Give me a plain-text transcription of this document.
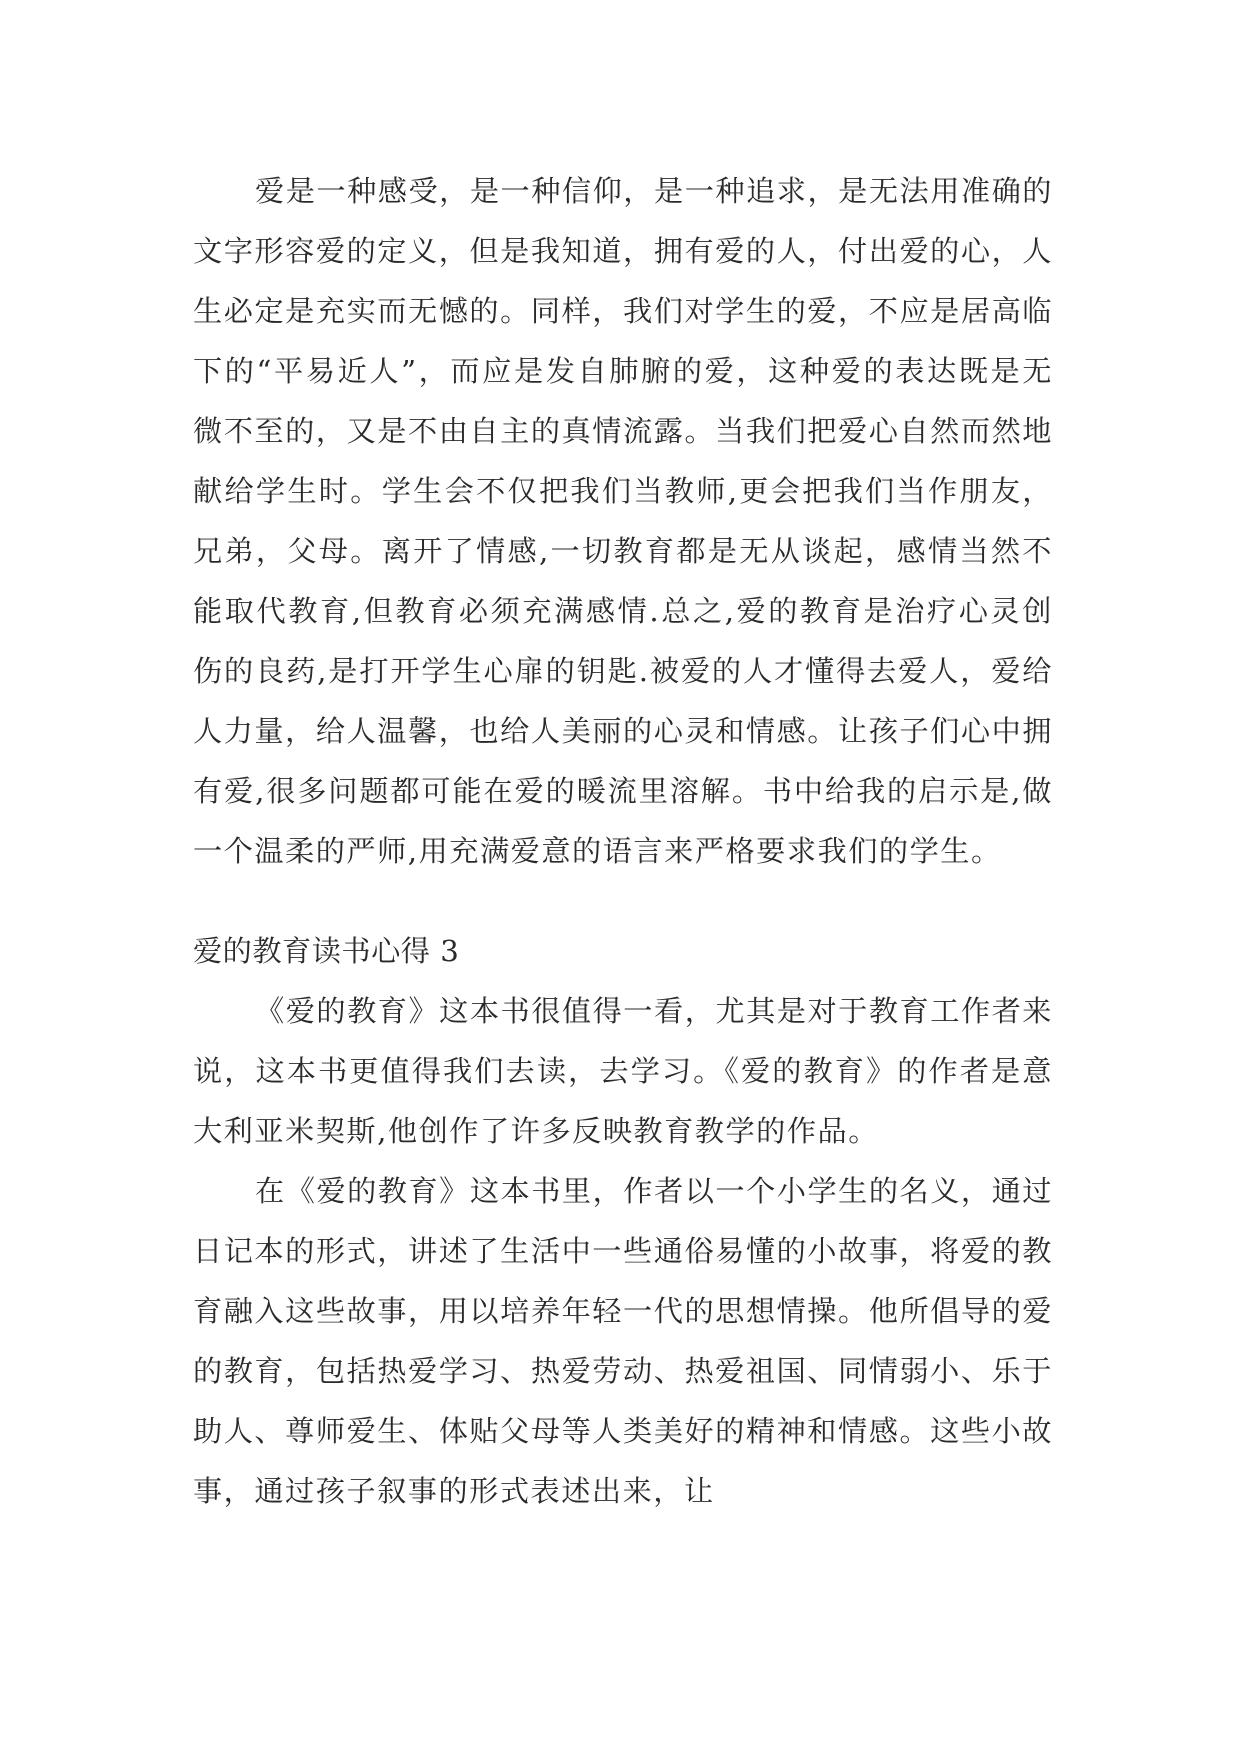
爱是一种感受，是一种信仰，是一种追求，是无法用准确的文字形容爱的定义，但是我知道，拥有爱的人，付出爱的心，人生必定是充实而无憾的。同样，我们对学生的爱，不应是居高临下的“平易近人”，而应是发自肺腑的爱，这种爱的表达既是无微不至的，又是不由自主的真情流露。当我们把爱心自然而然地献给学生时。学生会不仅把我们当教师,更会把我们当作朋友，兄弟，父母。离开了情感,一切教育都是无从谈起，感情当然不能取代教育,但教育必须充满感情.总之,爱的教育是治疗心灵创伤的良药,是打开学生心扉的钥匙.被爱的人才懂得去爱人，爱给人力量，给人温馨，也给人美丽的心灵和情感。让孩子们心中拥有爱,很多问题都可能在爱的暖流里溶解。书中给我的启示是,做一个温柔的严师,用充满爱意的语言来严格要求我们的学生。

爱的教育读书心得 3

《爱的教育》这本书很值得一看，尤其是对于教育工作者来说，这本书更值得我们去读，去学习。《爱的教育》的作者是意大利亚米契斯,他创作了许多反映教育教学的作品。

在《爱的教育》这本书里，作者以一个小学生的名义，通过日记本的形式，讲述了生活中一些通俗易懂的小故事，将爱的教育融入这些故事，用以培养年轻一代的思想情操。他所倡导的爱的教育，包括热爱学习、热爱劳动、热爱祖国、同情弱小、乐于助人、尊师爱生、体贴父母等人类美好的精神和情感。这些小故事，通过孩子叙事的形式表述出来，让
